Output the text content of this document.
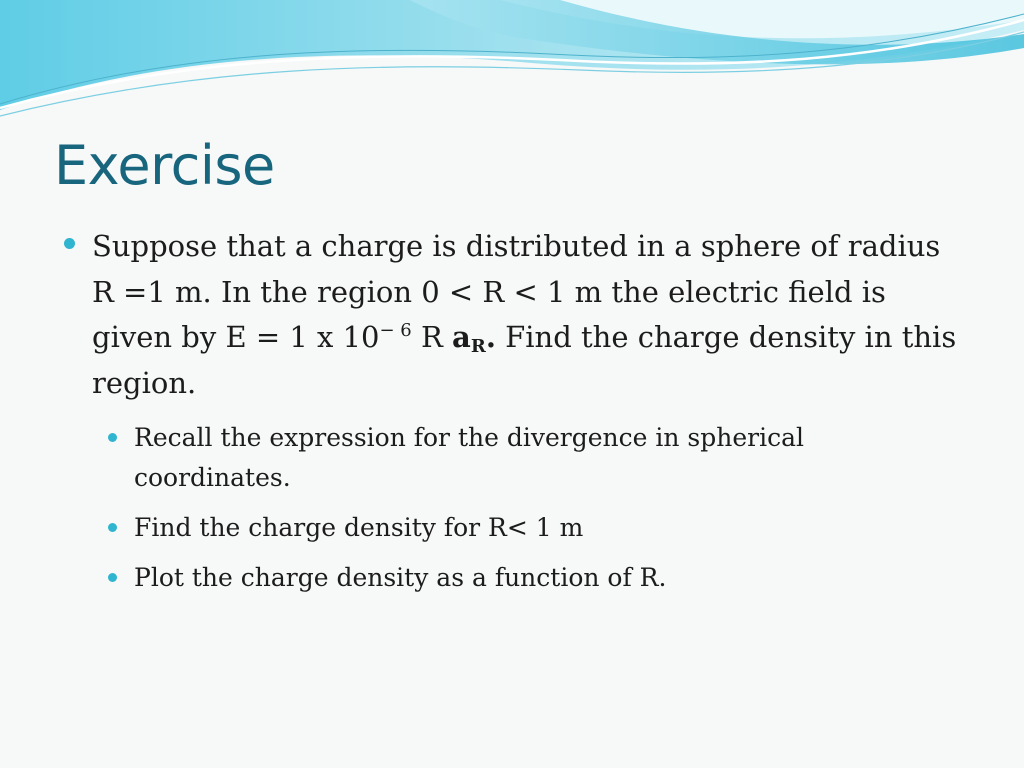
Exercise
Suppose that a charge is distributed in a sphere of radius R =1 m. In the region 0 < R < 1 m the electric field is given by E = 1 x $10^{- 6}$ R aR. Find the charge density in this region.
Recall the expression for the divergence in spherical coordinates.
Find the charge density for R< 1 m
Plot the charge density as a function of R.
